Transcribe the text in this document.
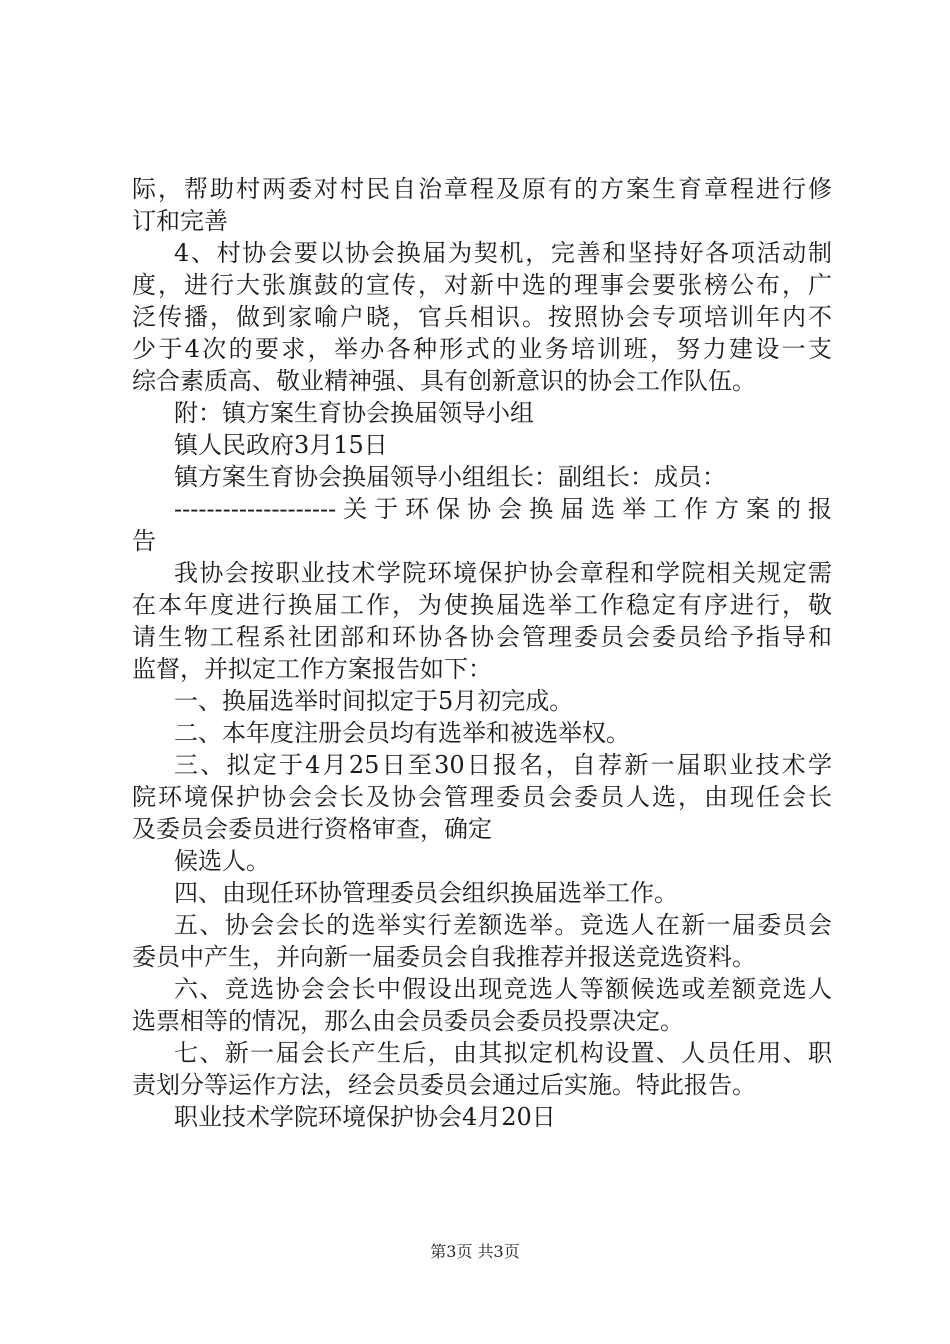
际，帮助村两委对村民自治章程及原有的方案生育章程进行修
订和完善
4、村协会要以协会换届为契机，完善和坚持好各项活动制
度，进行大张旗鼓的宣传，对新中选的理事会要张榜公布，广
泛传播，做到家喻户晓，官兵相识。按照协会专项培训年内不
少于4次的要求，举办各种形式的业务培训班，努力建设一支
综合素质高、敬业精神强、具有创新意识的协会工作队伍。
附：镇方案生育协会换届领导小组
镇人民政府3月15日
镇方案生育协会换届领导小组组长：副组长：成员：
--------------------关于环保协会换届选举工作方案的报
告
我协会按职业技术学院环境保护协会章程和学院相关规定需
在本年度进行换届工作，为使换届选举工作稳定有序进行，敬
请生物工程系社团部和环协各协会管理委员会委员给予指导和
监督，并拟定工作方案报告如下：
一、换届选举时间拟定于5月初完成。
二、本年度注册会员均有选举和被选举权。
三、拟定于4月25日至30日报名，自荐新一届职业技术学
院环境保护协会会长及协会管理委员会委员人选，由现任会长
及委员会委员进行资格审查，确定
候选人。
四、由现任环协管理委员会组织换届选举工作。
五、协会会长的选举实行差额选举。竞选人在新一届委员会
委员中产生，并向新一届委员会自我推荐并报送竞选资料。
六、竞选协会会长中假设出现竞选人等额候选或差额竞选人
选票相等的情况，那么由会员委员会委员投票决定。
七、新一届会长产生后，由其拟定机构设置、人员任用、职
责划分等运作方法，经会员委员会通过后实施。特此报告。
职业技术学院环境保护协会4月20日
第3页 共3页
